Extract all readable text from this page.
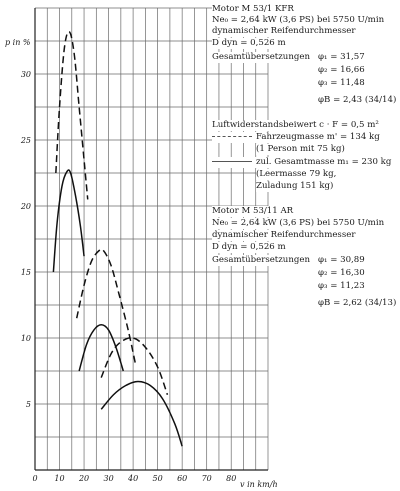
0 10 20 30 40 50 60 70 80
5
10
15
20
25
30
p in %
v in km/h
Motor M 53/1 KFR
Ne₀ = 2,64 kW (3,6 PS) bei 5750 U/min
dynamischer Reifendurchmesser
D dyn = 0,526 m
Gesamtübersetzungen φ₁ = 31,57
φ₂ = 16,66
φ₃ = 11,48
φB = 2,43 (34/14)
Luftwiderstandsbeiwert c · F = 0,5 m²
Fahrzeugmasse m' = 134 kg
(1 Person mit 75 kg)
zul. Gesamtmasse m₁ = 230 kg
(Leermasse 79 kg,
Zuladung 151 kg)
Motor M 53/11 AR
Ne₀ = 2,64 kW (3,6 PS) bei 5750 U/min
dynamischer Reifendurchmesser
D dyn = 0,526 m
Gesamtübersetzungen φ₁ = 30,89
φ₂ = 16,30
φ₃ = 11,23
φB = 2,62 (34/13)
